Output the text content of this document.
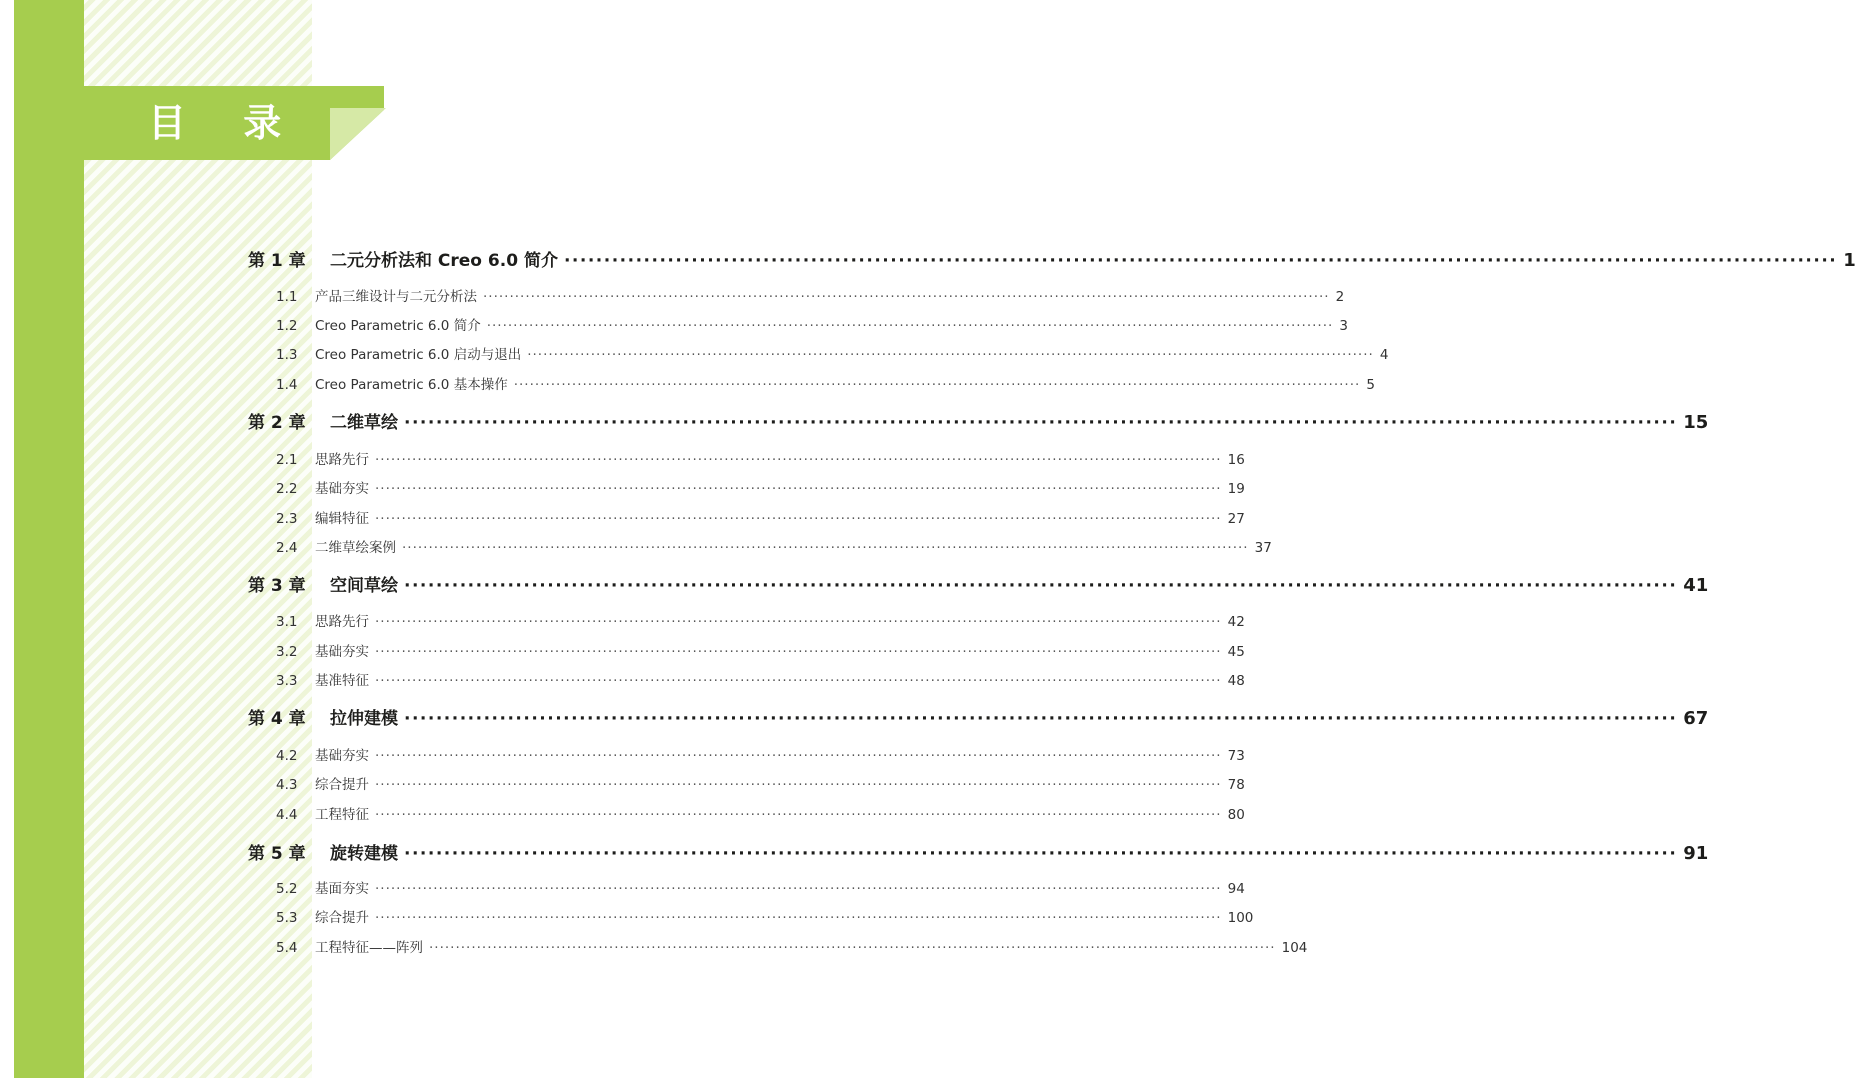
目 录
第 1 章	二元分析法和 Creo 6.0 简介 ································································································································································ 1
1.1	产品三维设计与二元分析法 ································································································································································ 2
1.2	Creo Parametric 6.0 简介 ································································································································································ 3
1.3	Creo Parametric 6.0 启动与退出 ································································································································································ 4
1.4	Creo Parametric 6.0 基本操作 ································································································································································ 5
第 2 章	二维草绘 ································································································································································ 15
2.1	思路先行 ································································································································································ 16
2.2	基础夯实 ································································································································································ 19
2.3	编辑特征 ································································································································································ 27
2.4	二维草绘案例 ································································································································································ 37
第 3 章	空间草绘 ································································································································································ 41
3.1	思路先行 ································································································································································ 42
3.2	基础夯实 ································································································································································ 45
3.3	基准特征 ································································································································································ 48
第 4 章	拉伸建模 ································································································································································ 67
4.2	基础夯实 ································································································································································ 73
4.3	综合提升 ································································································································································ 78
4.4	工程特征 ································································································································································ 80
第 5 章	旋转建模 ································································································································································ 91
5.2	基面夯实 ································································································································································ 94
5.3	综合提升 ································································································································································ 100
5.4	工程特征——阵列 ································································································································································ 104
